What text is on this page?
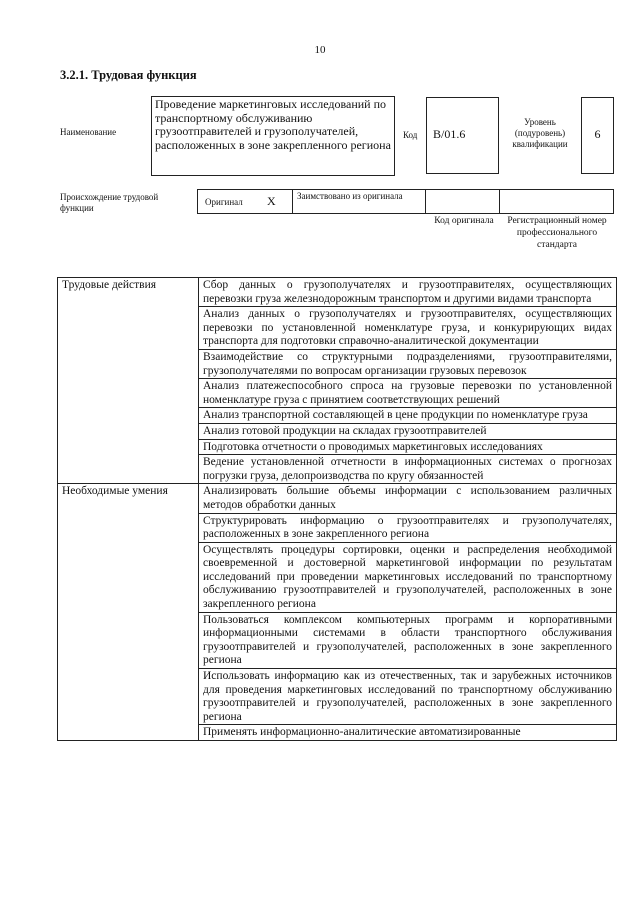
10
3.2.1. Трудовая функция
Наименование
Проведение маркетинговых исследований по транспортному обслуживанию грузоотправителей и грузополучателей, расположенных в зоне закрепленного региона
Код	B/01.6
Уровень (подуровень) квалификации
6
Происхождение трудовой функции
Оригинал X Заимствовано из оригинала
Код оригинала	Регистрационный номер профессионального стандарта
Трудовые действия	Сбор данных о грузополучателях и грузоотправителях, осуществляющих перевозки груза железнодорожным транспортом и другими видами транспорта
	Анализ данных о грузополучателях и грузоотправителях, осуществляющих перевозки по установленной номенклатуре груза, и конкурирующих видах транспорта для подготовки справочно-аналитической документации
	Взаимодействие со структурными подразделениями, грузоотправителями, грузополучателями по вопросам организации грузовых перевозок
	Анализ платежеспособного спроса на грузовые перевозки по установленной номенклатуре груза с принятием соответствующих решений
	Анализ транспортной составляющей в цене продукции по номенклатуре груза
	Анализ готовой продукции на складах грузоотправителей
	Подготовка отчетности о проводимых маркетинговых исследованиях
	Ведение установленной отчетности в информационных системах о прогнозах погрузки груза, делопроизводства по кругу обязанностей
Необходимые умения	Анализировать большие объемы информации с использованием различных методов обработки данных
	Структурировать информацию о грузоотправителях и грузополучателях, расположенных в зоне закрепленного региона
	Осуществлять процедуры сортировки, оценки и распределения необходимой своевременной и достоверной маркетинговой информации по результатам исследований при проведении маркетинговых исследований по транспортному обслуживанию грузоотправителей и грузополучателей, расположенных в зоне закрепленного региона
	Пользоваться комплексом компьютерных программ и корпоративными информационными системами в области транспортного обслуживания грузоотправителей и грузополучателей, расположенных в зоне закрепленного региона
	Использовать информацию как из отечественных, так и зарубежных источников для проведения маркетинговых исследований по транспортному обслуживанию грузоотправителей и грузополучателей, расположенных в зоне закрепленного региона
	Применять информационно-аналитические автоматизированные
